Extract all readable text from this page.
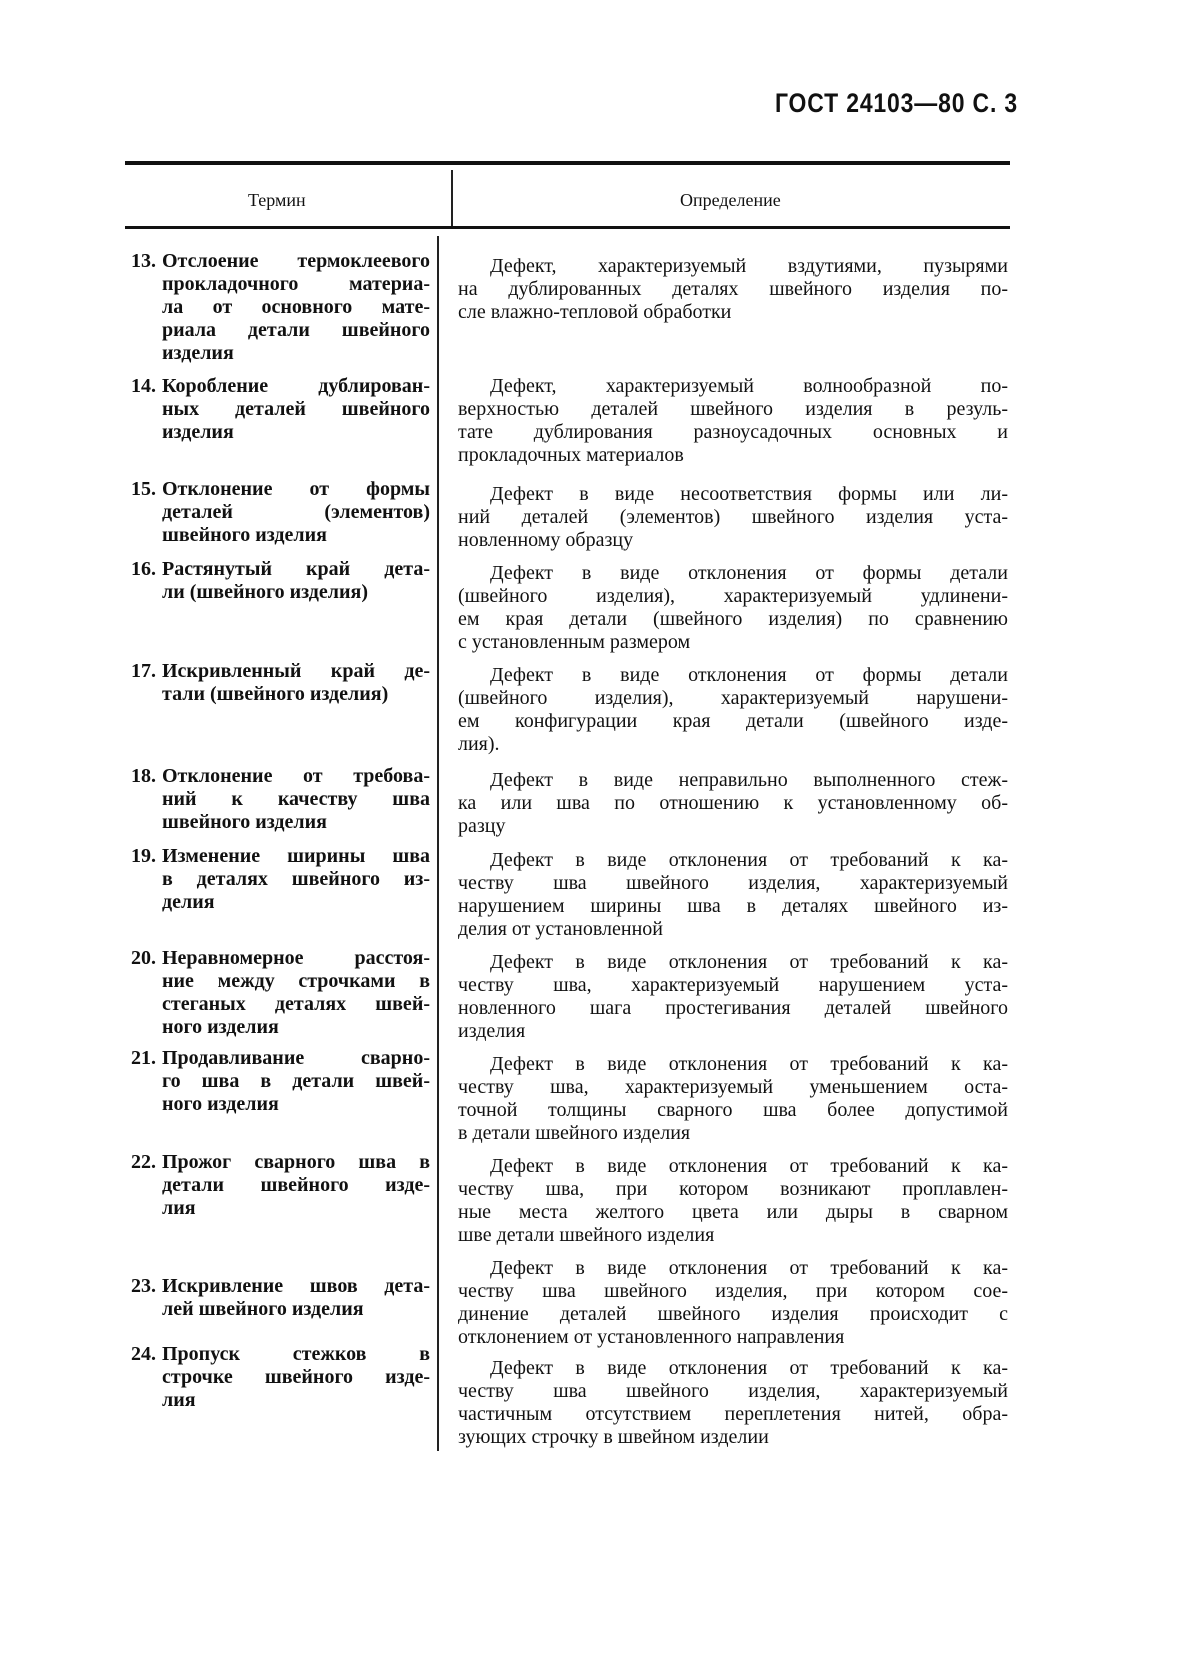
ГОСТ 24103—80 С. 3
Термин	Определение
13. Отслоение термоклеевого
прокладочного материа-
ла от основного мате-
риала детали швейного
изделия
Дефект, характеризуемый вздутиями, пузырями
на дублированных деталях швейного изделия по-
сле влажно-тепловой обработки
14. Коробление дублирован-
ных деталей швейного
изделия
Дефект, характеризуемый волнообразной по-
верхностью деталей швейного изделия в резуль-
тате дублирования разноусадочных основных и
прокладочных материалов
15. Отклонение от формы
деталей (элементов)
швейного изделия
Дефект в виде несоответствия формы или ли-
ний деталей (элементов) швейного изделия уста-
новленному образцу
16. Растянутый край дета-
ли (швейного изделия)
Дефект в виде отклонения от формы детали
(швейного изделия), характеризуемый удлинени-
ем края детали (швейного изделия) по сравнению
с установленным размером
17. Искривленный край де-
тали (швейного изделия)
Дефект в виде отклонения от формы детали
(швейного изделия), характеризуемый нарушени-
ем конфигурации края детали (швейного изде-
лия).
18. Отклонение от требова-
ний к качеству шва
швейного изделия
Дефект в виде неправильно выполненного стеж-
ка или шва по отношению к установленному об-
разцу
19. Изменение ширины шва
в деталях швейного из-
делия
Дефект в виде отклонения от требований к ка-
честву шва швейного изделия, характеризуемый
нарушением ширины шва в деталях швейного из-
делия от установленной
20. Неравномерное расстоя-
ние между строчками в
стеганых деталях швей-
ного изделия
Дефект в виде отклонения от требований к ка-
честву шва, характеризуемый нарушением уста-
новленного шага простегивания деталей швейного
изделия
21. Продавливание сварно-
го шва в детали швей-
ного изделия
Дефект в виде отклонения от требований к ка-
честву шва, характеризуемый уменьшением оста-
точной толщины сварного шва более допустимой
в детали швейного изделия
22. Прожог сварного шва в
детали швейного изде-
лия
Дефект в виде отклонения от требований к ка-
честву шва, при котором возникают проплавлен-
ные места желтого цвета или дыры в сварном
шве детали швейного изделия
23. Искривление швов дета-
лей швейного изделия
Дефект в виде отклонения от требований к ка-
честву шва швейного изделия, при котором сое-
динение деталей швейного изделия происходит с
отклонением от установленного направления
24. Пропуск стежков в
строчке швейного изде-
лия
Дефект в виде отклонения от требований к ка-
честву шва швейного изделия, характеризуемый
частичным отсутствием переплетения нитей, обра-
зующих строчку в швейном изделии
